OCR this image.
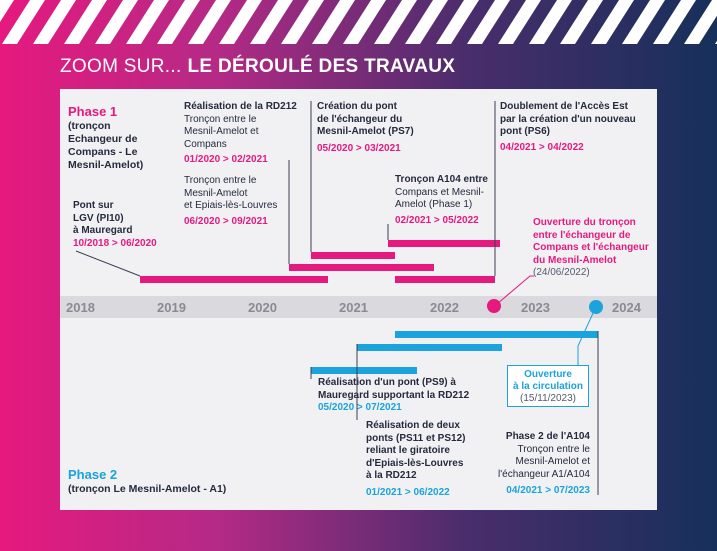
ZOOM SUR... LE DÉROULÉ DES TRAVAUX
2018	2019	2020	2021	2022	2023	2024
Phase 1
(tronçon
Echangeur de
Compans - Le
Mesnil-Amelot)
Pont sur
LGV (PI10)
à Mauregard
10/2018 > 06/2020
Réalisation de la RD212
Tronçon entre le
Mesnil-Amelot et
Compans
01/2020 > 02/2021
Tronçon entre le
Mesnil-Amelot
et Epiais-lès-Louvres
06/2020 > 09/2021
Création du pont
de l'échangeur du
Mesnil-Amelot (PS7)
05/2020 > 03/2021
Tronçon A104 entre
Compans et Mesnil-
Amelot (Phase 1)
02/2021 > 05/2022
Doublement de l'Accès Est
par la création d'un nouveau
pont (PS6)
04/2021 > 04/2022
Ouverture du tronçon
entre l'échangeur de
Compans et l'échangeur
du Mesnil-Amelot
(24/06/2022)
Phase 2
(tronçon Le Mesnil-Amelot - A1)
Réalisation d'un pont (PS9) à
Mauregard supportant la RD212
05/2020 > 07/2021
Réalisation de deux
ponts (PS11 et PS12)
reliant le giratoire
d'Epiais-lès-Louvres
à la RD212
01/2021 > 06/2022
Phase 2 de l'A104
Tronçon entre le
Mesnil-Amelot et
l'échangeur A1/A104
04/2021 > 07/2023
Ouverture
à la circulation
(15/11/2023)
